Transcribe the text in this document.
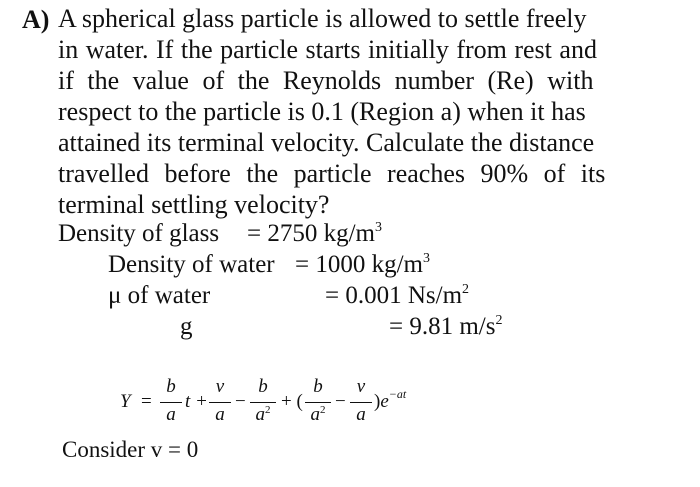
A) A spherical glass particle is allowed to settle freely
in water. If the particle starts initially from rest and
if the value of the Reynolds number (Re) with
respect to the particle is 0.1 (Region a) when it has
attained its terminal velocity. Calculate the distance
travelled before the particle reaches 90% of its
terminal settling velocity?
Density of glass = 2750 $kg/m^3$
Density of water = 1000 $kg/m^3$
μ of water	= 0.001 $Ns/m^2$
g	= 9.81 $m/s^2$
Y =
b
a
t +
v
a
−
b
$a^2$ + (
b
$a^2$ −
v
a
)$e^{-at}$
Consider v = 0
